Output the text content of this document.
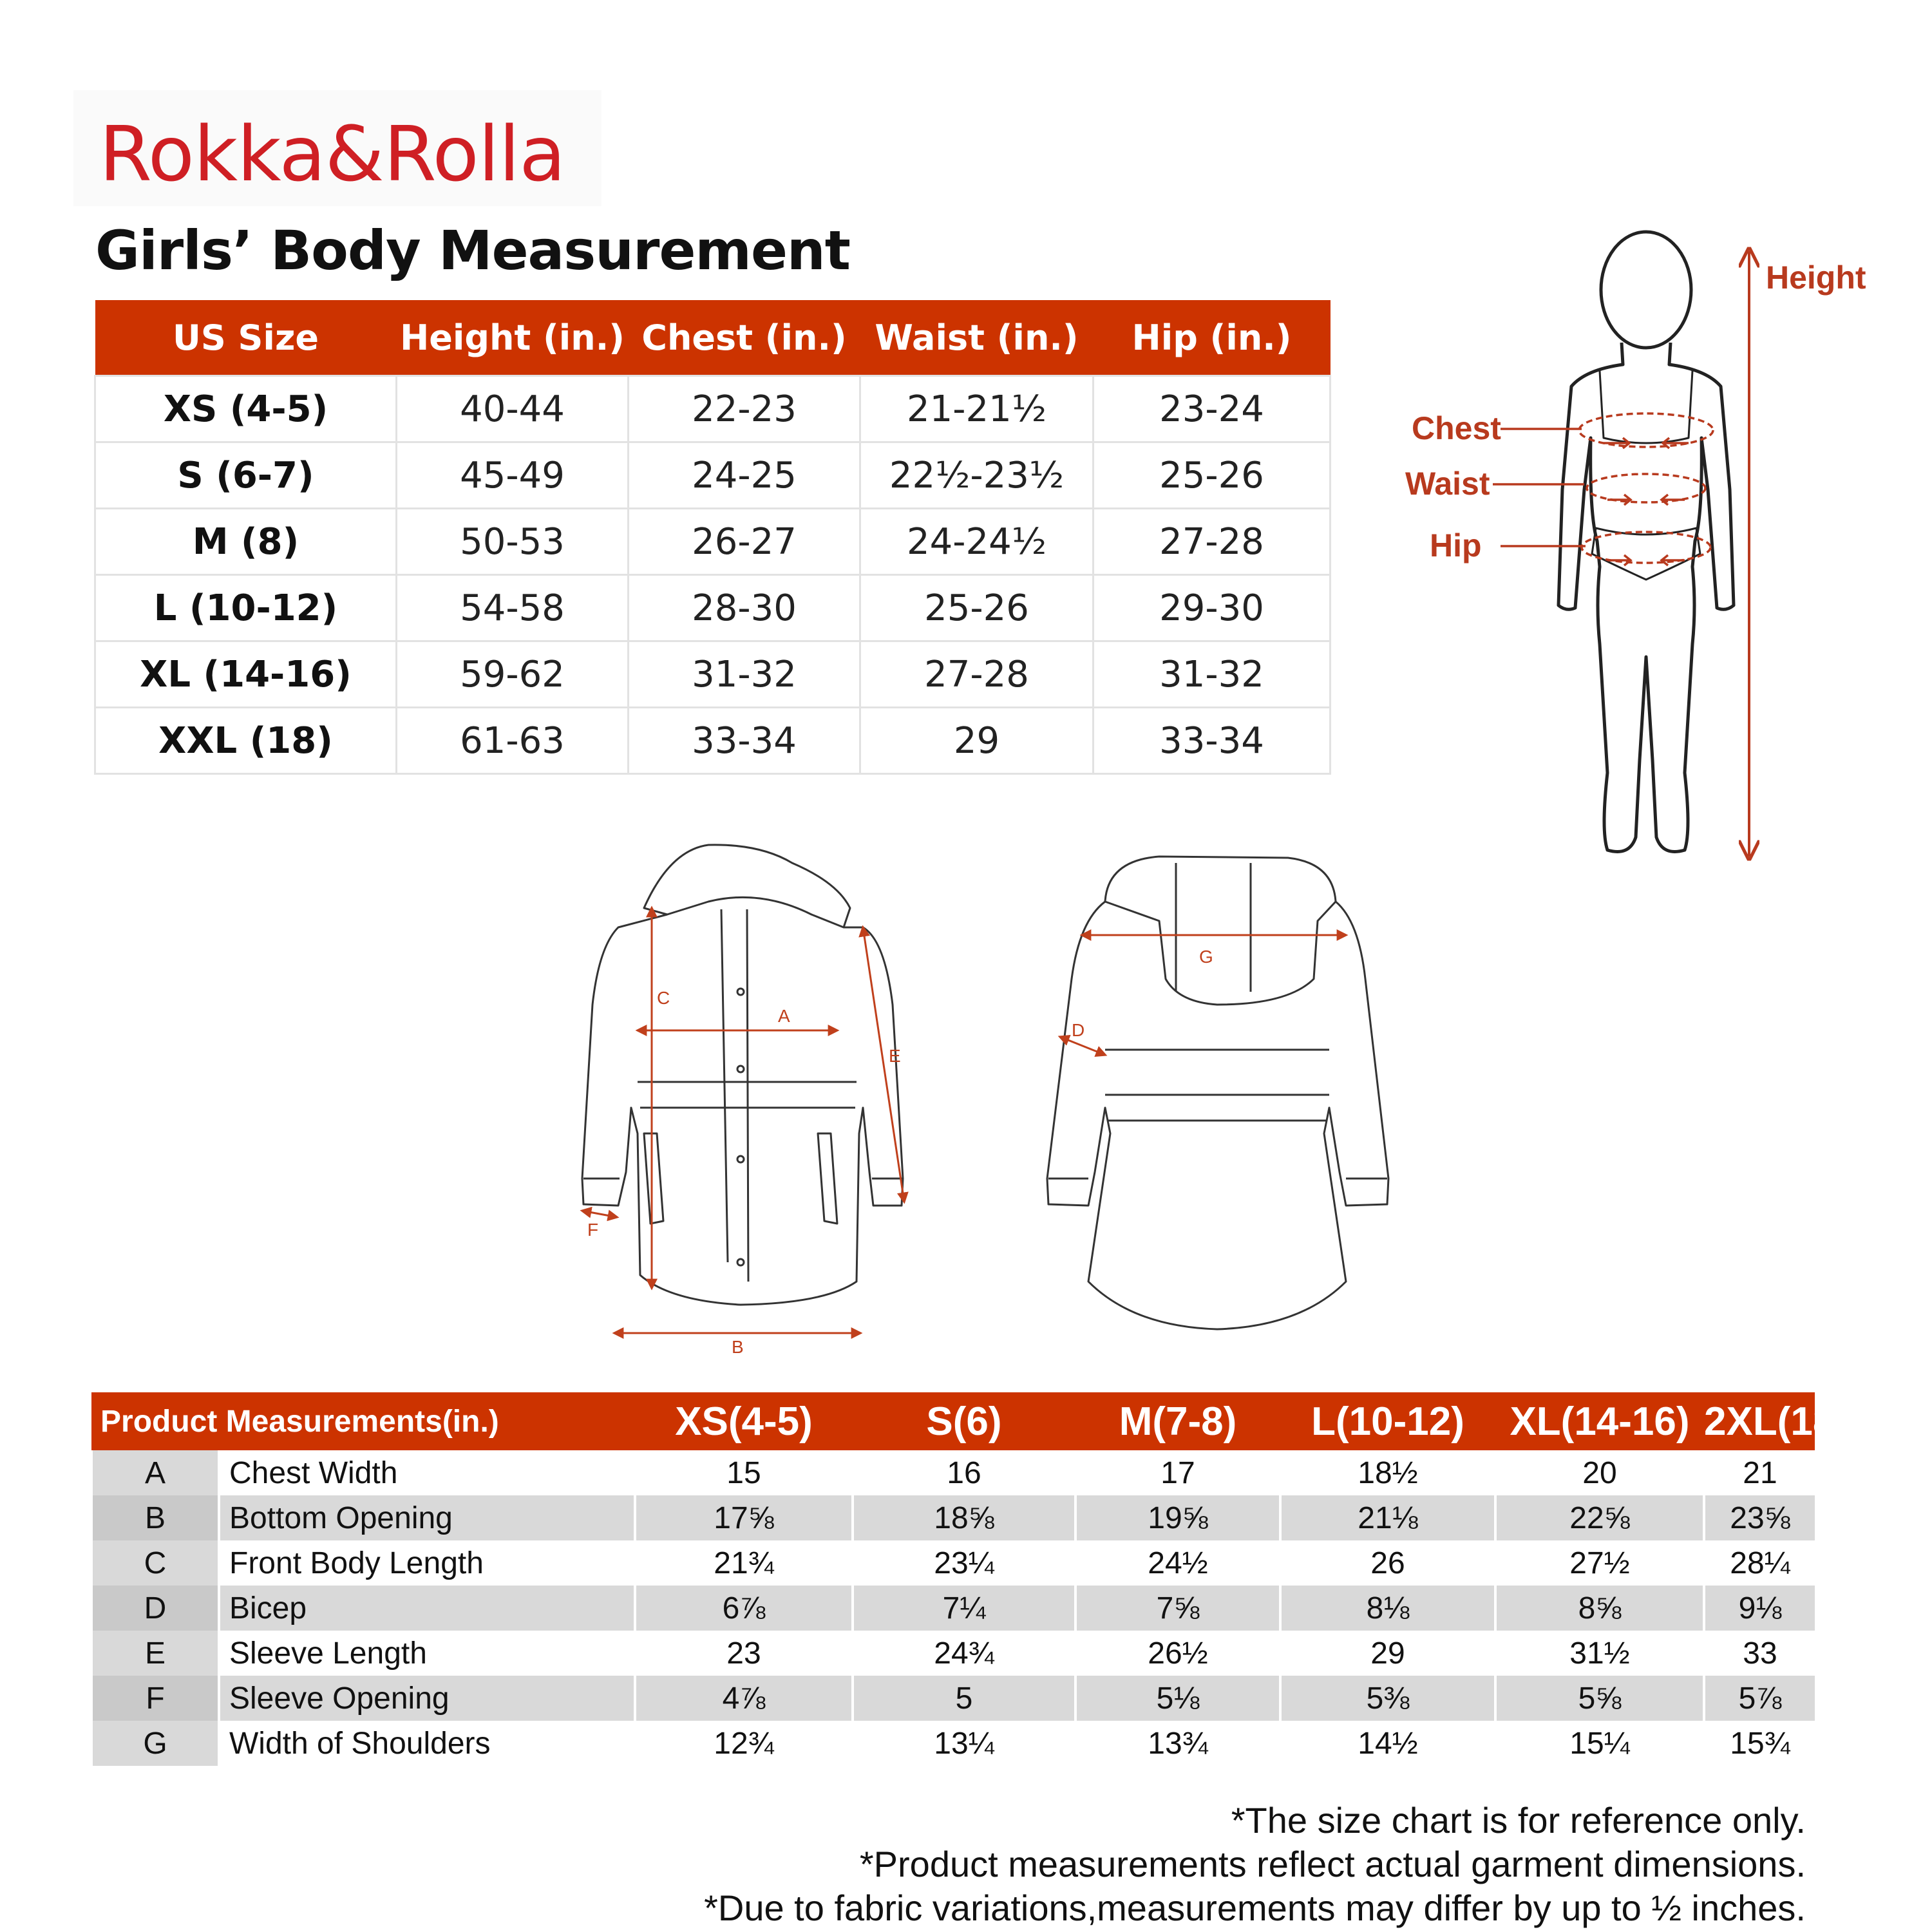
Rokka&Rolla
Girls’ Body Measurement
US Size	Height (in.)	Chest (in.)	Waist (in.)	Hip (in.)
XS (4-5)	40-44	22-23	21-21½	23-24
S (6-7)	45-49	24-25	22½-23½	25-26
M (8)	50-53	26-27	24-24½	27-28
L (10-12)	54-58	28-30	25-26	29-30
XL (14-16)	59-62	31-32	27-28	31-32
XXL (18)	61-63	33-34	29	33-34
Height
Chest
Waist
Hip
A
B
C
D
E
F
G
Product Measurements(in.)		XS(4-5)	S(6)	M(7-8)	L(10-12)	XL(14-16)	2XL(18)
A	Chest Width	15	16	17	18½	20	21
B	Bottom Opening	17⅝	18⅝	19⅝	21⅛	22⅝	23⅝
C	Front Body Length	21¾	23¼	24½	26	27½	28¼
D	Bicep	6⅞	7¼	7⅝	8⅛	8⅝	9⅛
E	Sleeve Length	23	24¾	26½	29	31½	33
F	Sleeve Opening	4⅞	5	5⅛	5⅜	5⅝	5⅞
G	Width of Shoulders	12¾	13¼	13¾	14½	15¼	15¾
*The size chart is for reference only.
*Product measurements reflect actual garment dimensions.
*Due to fabric variations,measurements may differ by up to ½ inches.
